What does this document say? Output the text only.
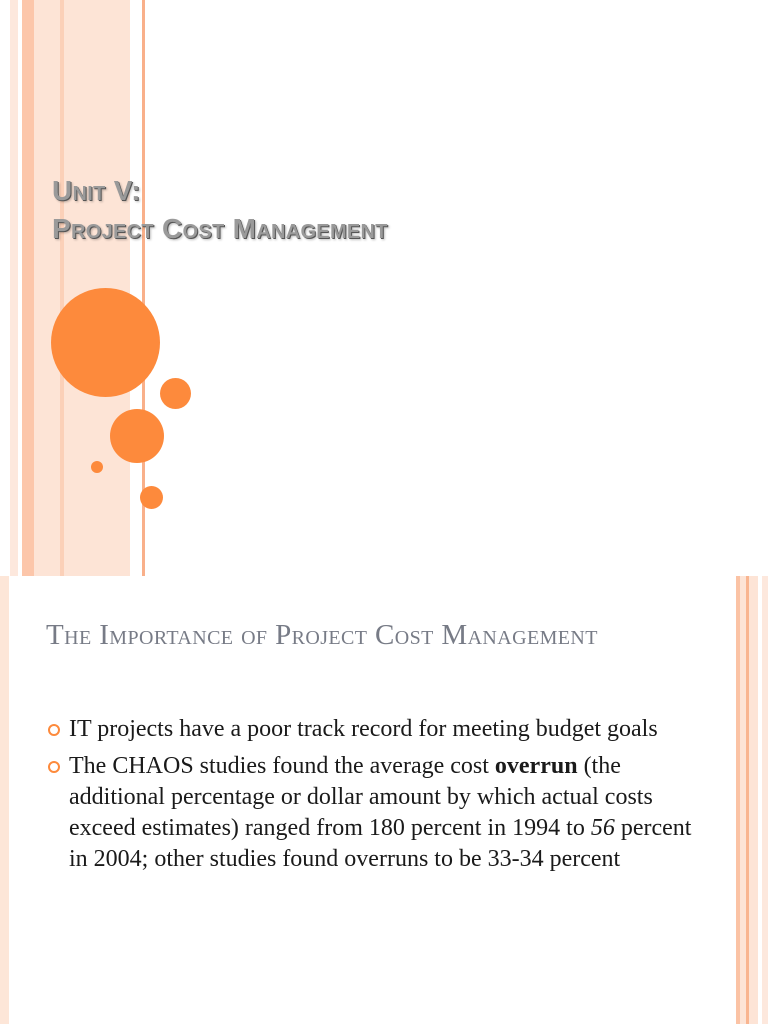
Unit V:
Project Cost Management
The Importance of Project Cost Management
IT projects have a poor track record for meeting budget goals
The CHAOS studies found the average cost overrun (the additional percentage or dollar amount by which actual costs exceed estimates) ranged from 180 percent in 1994 to 56 percent in 2004; other studies found overruns to be 33-34 percent
